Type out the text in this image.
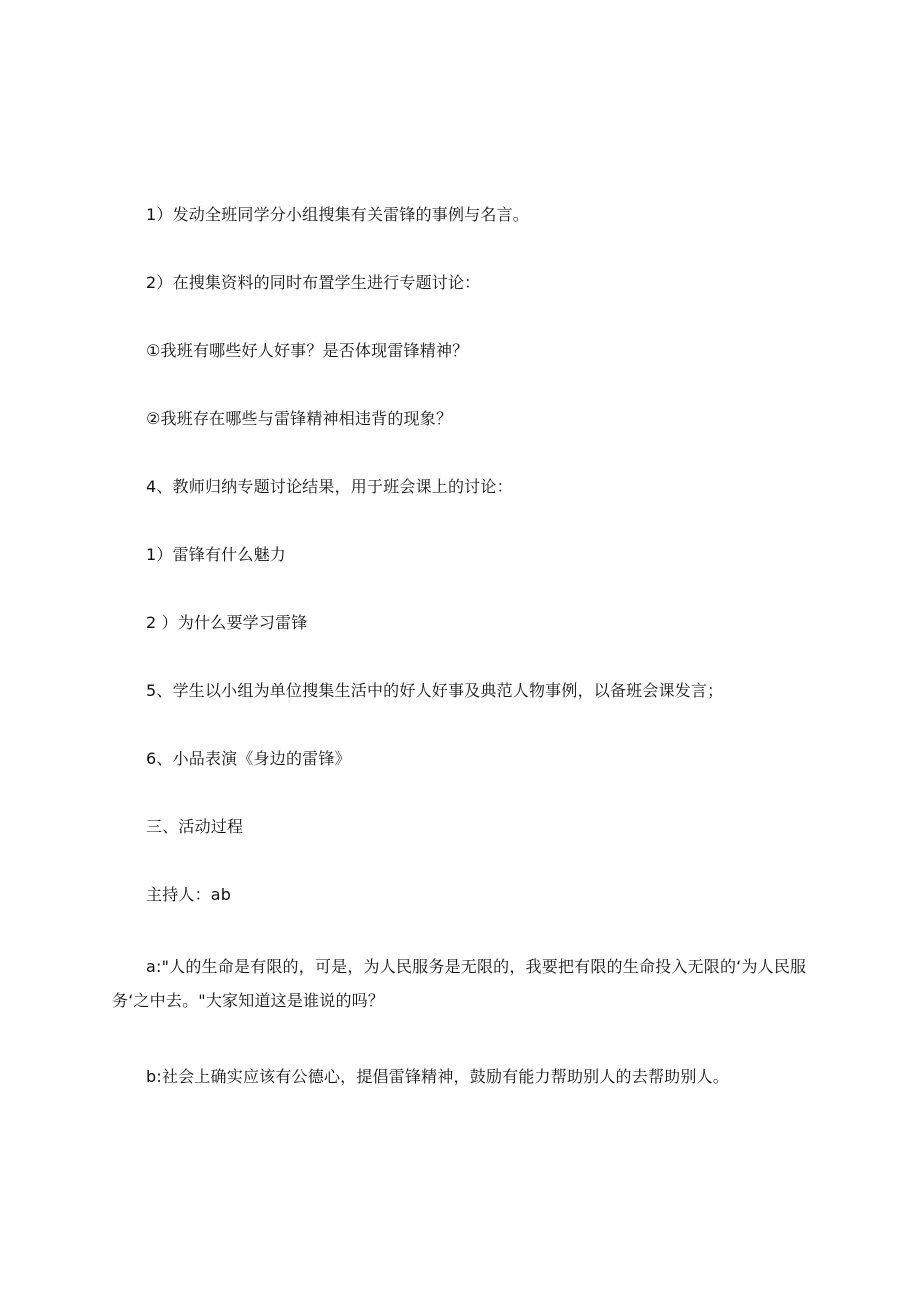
1）发动全班同学分小组搜集有关雷锋的事例与名言。

2）在搜集资料的同时布置学生进行专题讨论：

①我班有哪些好人好事？是否体现雷锋精神？

②我班存在哪些与雷锋精神相违背的现象？

4、教师归纳专题讨论结果，用于班会课上的讨论：

1）雷锋有什么魅力

2 ）为什么要学习雷锋

5、学生以小组为单位搜集生活中的好人好事及典范人物事例，以备班会课发言；

6、小品表演《身边的雷锋》

三、活动过程

主持人：ab

a:"人的生命是有限的，可是，为人民服务是无限的，我要把有限的生命投入无限的‘为人民服务‘之中去。"大家知道这是谁说的吗？

b:社会上确实应该有公德心，提倡雷锋精神，鼓励有能力帮助别人的去帮助别人。
